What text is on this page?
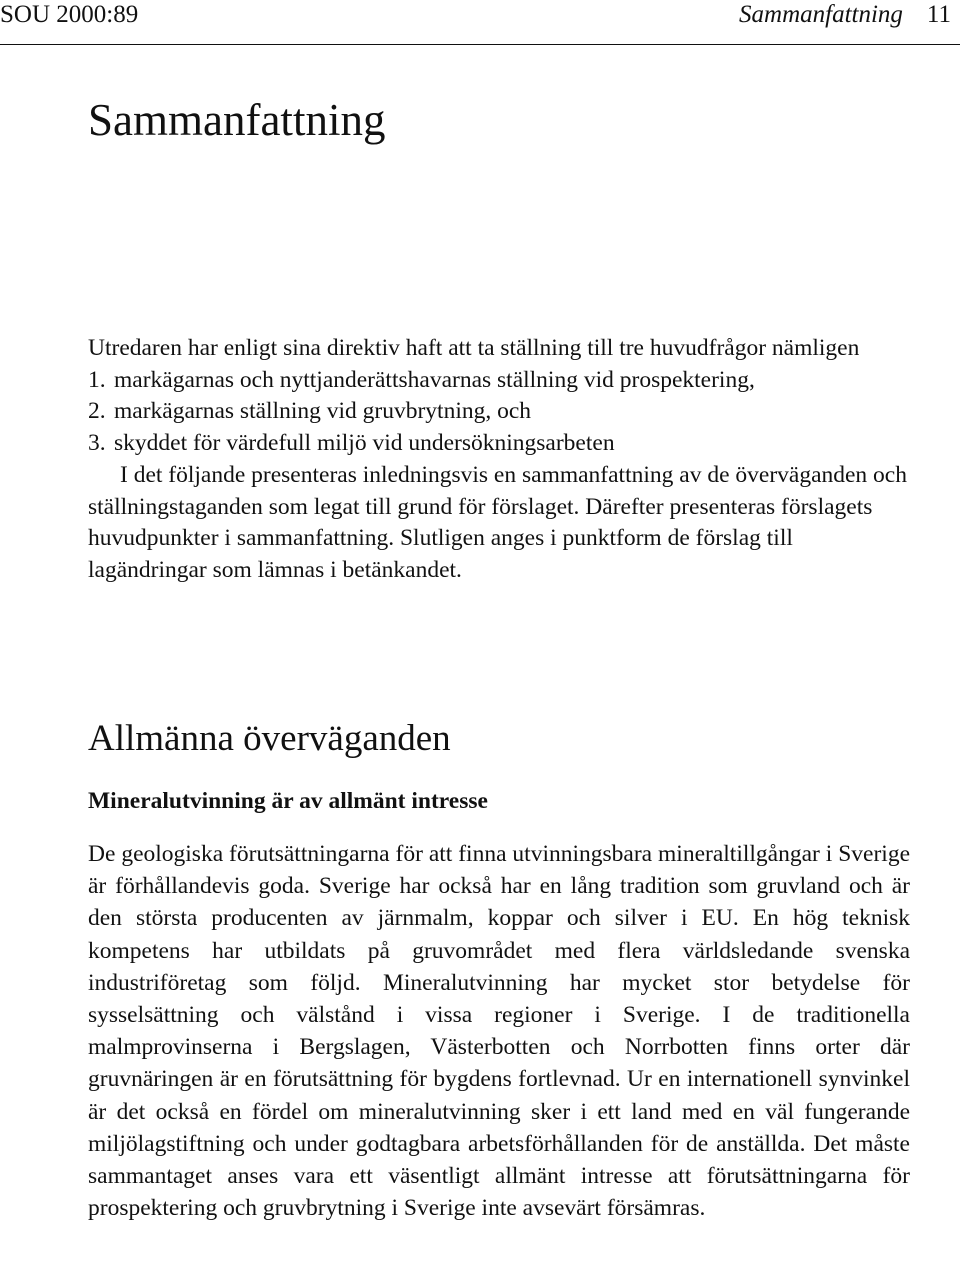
SOU 2000:89	Sammanfattning 11
Sammanfattning

Utredaren har enligt sina direktiv haft att ta ställning till tre huvudfrågor nämligen

1. markägarnas och nyttjanderättshavarnas ställning vid prospektering,
2. markägarnas ställning vid gruvbrytning, och
3. skyddet för värdefull miljö vid undersökningsarbeten

I det följande presenteras inledningsvis en sammanfattning av de överväganden och ställningstaganden som legat till grund för förslaget. Därefter presenteras förslagets huvudpunkter i sammanfattning. Slutligen anges i punktform de förslag till lagändringar som lämnas i betänkandet.

Allmänna överväganden
Mineralutvinning är av allmänt intresse

De geologiska förutsättningarna för att finna utvinningsbara mineraltillgångar i Sverige är förhållandevis goda. Sverige har också har en lång tradition som gruvland och är den största producenten av järnmalm, koppar och silver i EU. En hög teknisk kompetens har utbildats på gruvområdet med flera världsledande svenska industriföretag som följd. Mineralutvinning har mycket stor betydelse för sysselsättning och välstånd i vissa regioner i Sverige. I de traditionella malmprovinserna i Bergslagen, Västerbotten och Norrbotten finns orter där gruvnäringen är en förutsättning för bygdens fortlevnad. Ur en internationell synvinkel är det också en fördel om mineralutvinning sker i ett land med en väl fungerande miljölagstiftning och under godtagbara arbetsförhållanden för de anställda. Det måste sammantaget anses vara ett väsentligt allmänt intresse att förutsättningarna för prospektering och gruvbrytning i Sverige inte avsevärt försämras.
